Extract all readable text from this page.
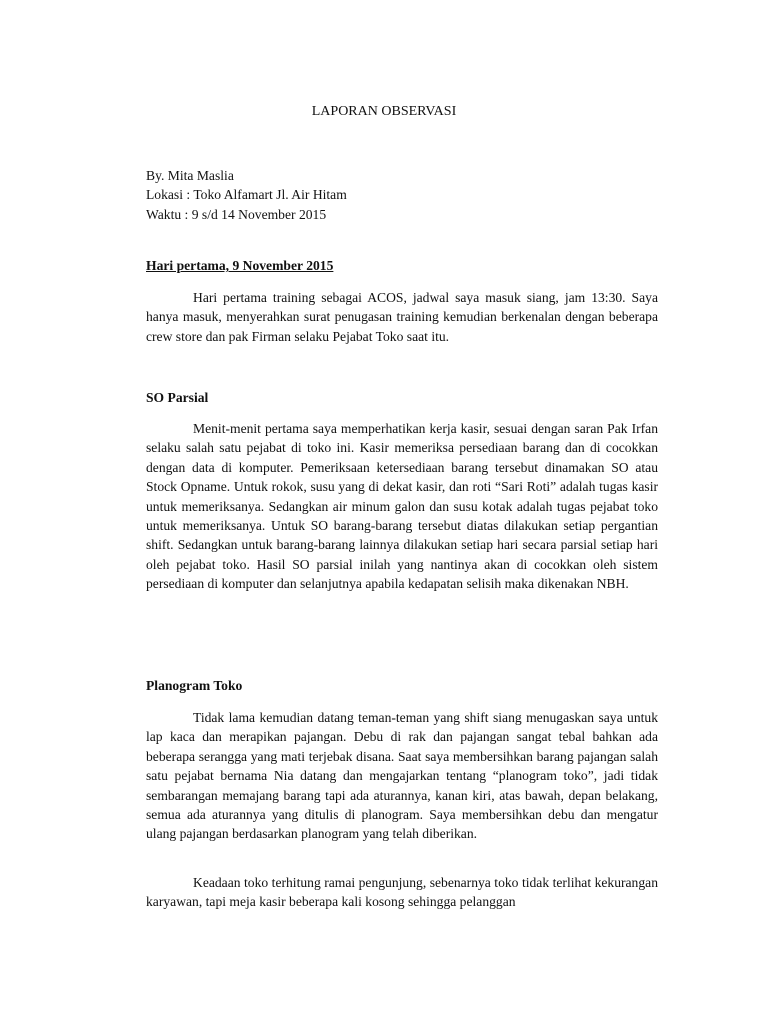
LAPORAN OBSERVASI
By. Mita Maslia
Lokasi : Toko Alfamart Jl. Air Hitam
Waktu : 9 s/d 14 November 2015
Hari pertama, 9 November 2015

Hari pertama training sebagai ACOS, jadwal saya masuk siang, jam 13:30. Saya hanya masuk, menyerahkan surat penugasan training kemudian berkenalan dengan beberapa crew store dan pak Firman selaku Pejabat Toko saat itu.

SO Parsial

Menit-menit pertama saya memperhatikan kerja kasir, sesuai dengan saran Pak Irfan selaku salah satu pejabat di toko ini. Kasir memeriksa persediaan barang dan di cocokkan dengan data di komputer. Pemeriksaan ketersediaan barang tersebut dinamakan SO atau Stock Opname. Untuk rokok, susu yang di dekat kasir, dan roti “Sari Roti” adalah tugas kasir untuk memeriksanya. Sedangkan air minum galon dan susu kotak adalah tugas pejabat toko untuk memeriksanya. Untuk SO barang-barang tersebut diatas dilakukan setiap pergantian shift. Sedangkan untuk barang-barang lainnya dilakukan setiap hari secara parsial setiap hari oleh pejabat toko. Hasil SO parsial inilah yang nantinya akan di cocokkan oleh sistem persediaan di komputer dan selanjutnya apabila kedapatan selisih maka dikenakan NBH.

Planogram Toko

Tidak lama kemudian datang teman-teman yang shift siang menugaskan saya untuk lap kaca dan merapikan pajangan. Debu di rak dan pajangan sangat tebal bahkan ada beberapa serangga yang mati terjebak disana. Saat saya membersihkan barang pajangan salah satu pejabat bernama Nia datang dan mengajarkan tentang “planogram toko”, jadi tidak sembarangan memajang barang tapi ada aturannya, kanan kiri, atas bawah, depan belakang, semua ada aturannya yang ditulis di planogram. Saya membersihkan debu dan mengatur ulang pajangan berdasarkan planogram yang telah diberikan.

Keadaan toko terhitung ramai pengunjung, sebenarnya toko tidak terlihat kekurangan karyawan, tapi meja kasir beberapa kali kosong sehingga pelanggan
